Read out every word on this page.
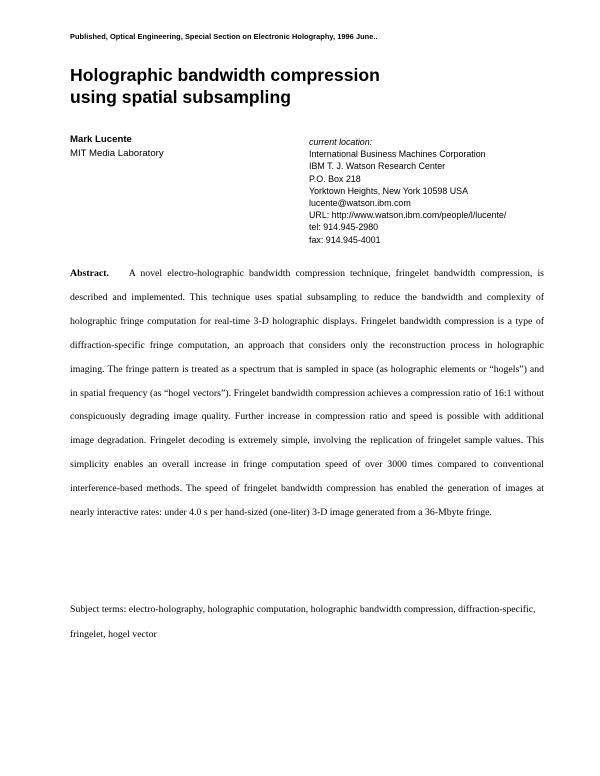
Published, Optical Engineering, Special Section on Electronic Holography, 1996 June..
Holographic bandwidth compression
using spatial subsampling
Mark Lucente
MIT Media Laboratory
current location:
International Business Machines Corporation
IBM T. J. Watson Research Center
P.O. Box 218
Yorktown Heights, New York 10598 USA
lucente@watson.ibm.com
URL: http://www.watson.ibm.com/people/l/lucente/
tel: 914.945-2980
fax: 914.945-4001
Abstract. A novel electro-holographic bandwidth compression technique, fringelet bandwidth compression, is described and implemented. This technique uses spatial subsampling to reduce the bandwidth and complexity of holographic fringe computation for real-time 3-D holographic displays. Fringelet bandwidth compression is a type of diffraction-specific fringe computation, an approach that considers only the reconstruction process in holographic imaging. The fringe pattern is treated as a spectrum that is sampled in space (as holographic elements or “hogels”) and in spatial frequency (as “hogel vectors”). Fringelet bandwidth compression achieves a compression ratio of 16:1 without conspicuously degrading image quality. Further increase in compression ratio and speed is possible with additional image degradation. Fringelet decoding is extremely simple, involving the replication of fringelet sample values. This simplicity enables an overall increase in fringe computation speed of over 3000 times compared to conventional interference-based methods. The speed of fringelet bandwidth compression has enabled the generation of images at nearly interactive rates: under 4.0 s per hand-sized (one-liter) 3-D image generated from a 36-Mbyte fringe.
Subject terms: electro-holography, holographic computation, holographic bandwidth compression, diffraction-specific, fringelet, hogel vector
